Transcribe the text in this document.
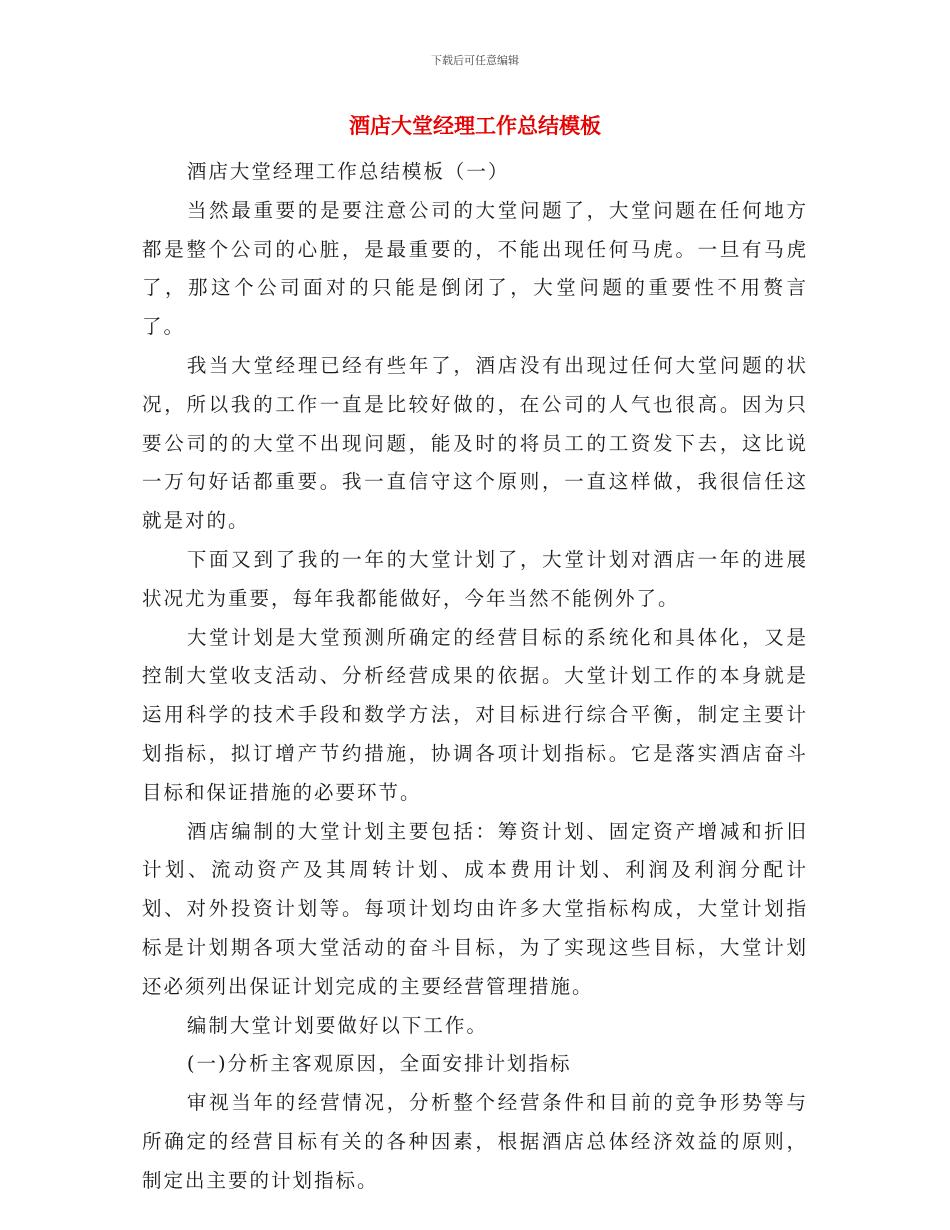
下载后可任意编辑
酒店大堂经理工作总结模板

酒店大堂经理工作总结模板（一）

当然最重要的是要注意公司的大堂问题了，大堂问题在任何地方都是整个公司的心脏，是最重要的，不能出现任何马虎。一旦有马虎了，那这个公司面对的只能是倒闭了，大堂问题的重要性不用赘言了。

我当大堂经理已经有些年了，酒店没有出现过任何大堂问题的状况，所以我的工作一直是比较好做的，在公司的人气也很高。因为只要公司的的大堂不出现问题，能及时的将员工的工资发下去，这比说一万句好话都重要。我一直信守这个原则，一直这样做，我很信任这就是对的。

下面又到了我的一年的大堂计划了，大堂计划对酒店一年的进展状况尤为重要，每年我都能做好，今年当然不能例外了。

大堂计划是大堂预测所确定的经营目标的系统化和具体化，又是控制大堂收支活动、分析经营成果的依据。大堂计划工作的本身就是运用科学的技术手段和数学方法，对目标进行综合平衡，制定主要计划指标，拟订增产节约措施，协调各项计划指标。它是落实酒店奋斗目标和保证措施的必要环节。

酒店编制的大堂计划主要包括：筹资计划、固定资产增减和折旧计划、流动资产及其周转计划、成本费用计划、利润及利润分配计划、对外投资计划等。每项计划均由许多大堂指标构成，大堂计划指标是计划期各项大堂活动的奋斗目标，为了实现这些目标，大堂计划还必须列出保证计划完成的主要经营管理措施。

编制大堂计划要做好以下工作。

(一)分析主客观原因，全面安排计划指标

审视当年的经营情况，分析整个经营条件和目前的竞争形势等与所确定的经营目标有关的各种因素，根据酒店总体经济效益的原则，制定出主要的计划指标。
